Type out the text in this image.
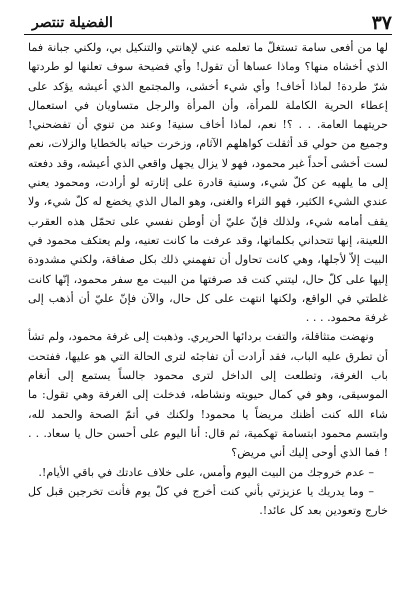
٣٧
الفضيلة تنتصر

لها من أفعى سامة تستغلّ ما تعلمه عني لإهانتي والتنكيل بي، ولكني جبانة فما الذي أخشاه منها؟ وماذا عساها أن تقول! وأي فضيحة سوف تعلنها لو طردتها شرّ طردة! لماذا أخاف! وأي شيء أخشى، والمجتمع الذي أعيشه يؤكد على إعطاء الحرية الكاملة للمرأة، وأن المرأة والرجل متساويان في استعمال حريتهما العامة. . . ؟! نعم، لماذا أخاف سنية! وعند من تنوي أن تفضحني! وجميع من حولي قد أثقلت كواهلهم الآثام، وزخرت حياته بالخطايا والزلات، نعم لست أخشى أحداً غير محمود، فهو لا يزال يجهل واقعي الذي أعيشه، وقد دفعته إلى ما يلهيه عن كلّ شيء، وسنية قادرة على إثارته لو أرادت، ومحمود يعني عندي الشيء الكثير، فهو الثراء والغنى، وهو المال الذي يخضع له كلّ شيء، ولا يقف أمامه شيء، ولذلك فإنّ عليّ أن أوطن نفسي على تحمّل هذه العقرب اللعينة، إنها تتحداني بكلماتها، وقد عرفت ما كانت تعنيه، ولم يعتكف محمود في البيت إلاّ لأجلها، وهي كانت تحاول أن تفهمني ذلك بكل صفاقة، ولكني مشدودة إليها على كلّ حال، ليتني كنت قد صرفتها من البيت مع سفر محمود، إنّها كانت غلطتي في الواقع، ولكنها انتهت على كل حال، والآن فإنّ عليّ أن أذهب إلى غرفة محمود. . . .

ونهضت متثاقلة، والتفت بردائها الحريري. وذهبت إلى غرفة محمود، ولم تشأ أن تطرق عليه الباب، فقد أرادت أن تفاجئه لترى الحالة التي هو عليها، ففتحت باب الغرفة، وتطلعت إلى الداخل لترى محمود جالساً يستمع إلى أنغام الموسيقى، وهو في كمال حيويته ونشاطه، فدخلت إلى الغرفة وهي تقول: ما شاء الله كنت أظنك مريضاً يا محمود! ولكنك في أتمّ الصحة والحمد لله، وابتسم محمود ابتسامة تهكمية، ثم قال: أنا اليوم على أحسن حال يا سعاد. . . ! فما الذي أوحى إليك أني مريض؟

– عدم خروجك من البيت اليوم وأمس، على خلاف عادتك في باقي الأيام!.

– وما يدريك يا عزيزتي بأني كنت أخرج في كلّ يوم فأنت تخرجين قبل كل خارج وتعودين بعد كل عائد!.
